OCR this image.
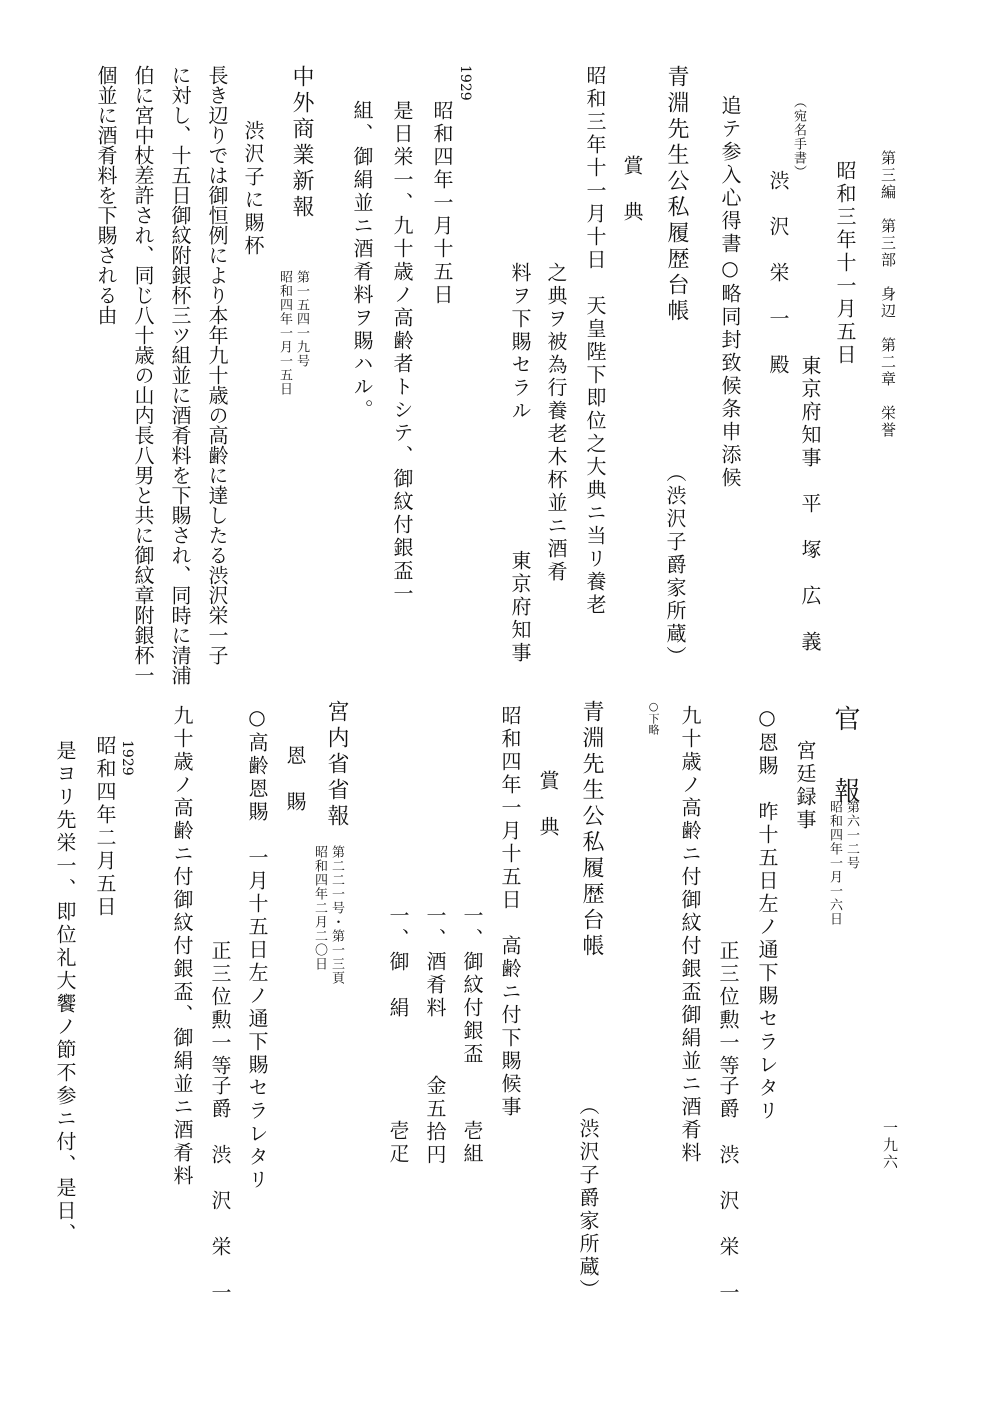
第三編　第三部　身辺　第二章　栄誉
一九六
昭和三年十一月五日
東京府知事　平　塚　広　義
（宛名手書）
渋　沢　栄　一　殿
追テ参入心得書○略同封致候条申添候
青淵先生公私履歴台帳
（渋沢子爵家所蔵）
賞　典
昭和三年十一月十日　天皇陛下即位之大典ニ当リ養老
之典ヲ被為行養老木杯並ニ酒肴
料ヲ下賜セラル
東京府知事
1929
昭和四年一月十五日
是日栄一、九十歳ノ高齢者トシテ、御紋付銀盃一
組、御絹並ニ酒肴料ヲ賜ハル。
中外商業新報
第一五四一九号
昭和四年一月一五日
渋沢子に賜杯
長き辺りでは御恒例により本年九十歳の高齢に達したる渋沢栄一子
に対し、十五日御紋附銀杯三ツ組並に酒肴料を下賜され、同時に清浦
伯に宮中杖差許され、同じ八十歳の山内長八男と共に御紋章附銀杯一
個並に酒肴料を下賜される由
官　報
第六一二号
昭和四年一月一六日
宮廷録事
○恩賜　昨十五日左ノ通下賜セラレタリ
正三位勲一等
子爵　渋　沢　栄　一
九十歳ノ高齢ニ付御紋付銀盃御絹並ニ酒肴料
○下略
青淵先生公私履歴台帳
（渋沢子爵家所蔵）
賞　典
昭和四年一月十五日　高齢ニ付下賜候事
一、御紋付銀盃
壱組
一、酒肴料
金五拾円
一、御　絹
壱疋
宮内省省報
第二二一号・第一三頁
昭和四年二月二〇日
恩　賜
○高齢恩賜　一月十五日左ノ通下賜セラレタリ
正三位勲一等
子爵　渋　沢　栄　一
九十歳ノ高齢ニ付御紋付銀盃、御絹並ニ酒肴料
1929
昭和四年二月五日
是ヨリ先栄一、即位礼大饗ノ節不参ニ付、是日、
